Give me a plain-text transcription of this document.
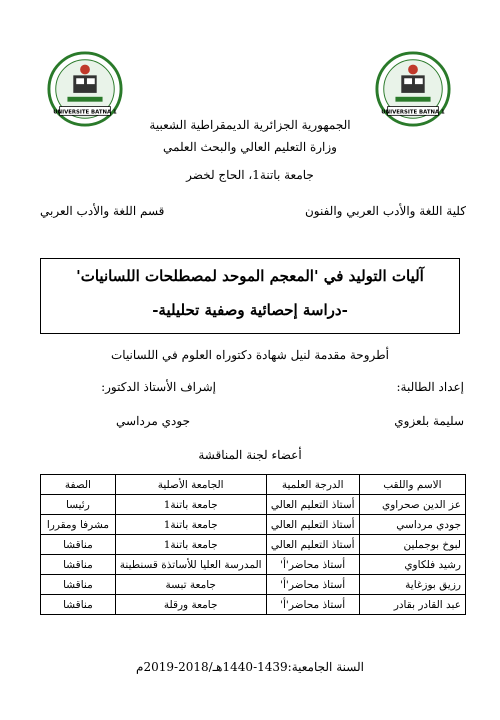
UNIVERSITE BATNA 1	UNIVERSITE BATNA 1
الجمهورية الجزائرية الديمقراطية الشعبية
وزارة التعليم العالي والبحث العلمي
جامعة باتنة1، الحاج لخضر
كلية اللغة والأدب العربي والفنون
قسم اللغة والأدب العربي
آليات التوليد في 'المعجم الموحد لمصطلحات اللسانيات'
-دراسة إحصائية وصفية تحليلية-
أطروحة مقدمة لنيل شهادة دكتوراه العلوم في اللسانيات
إعداد الطالبة:
إشراف الأستاذ الدكتور:
سليمة بلعزوي
جودي مرداسي
أعضاء لجنة المناقشة
الاسم واللقب	الدرجة العلمية	الجامعة الأصلية	الصفة
عز الدين صحراوي	أستاذ التعليم العالي	جامعة باتنة1	رئيسا
جودي مرداسي	أستاذ التعليم العالي	جامعة باتنة1	مشرفا ومقررا
لبوخ بوجملين	أستاذ التعليم العالي	جامعة باتنة1	مناقشا
رشيد فلكاوي	أستاذ محاضر'أ'	المدرسة العليا للأساتذة قسنطينة	مناقشا
رزيق بوزغاية	أستاذ محاضر'أ'	جامعة تبسة	مناقشا
عبد القادر بقادر	أستاذ محاضر'أ'	جامعة ورقلة	مناقشا
السنة الجامعية:1439-1440هـ/2018-2019م
